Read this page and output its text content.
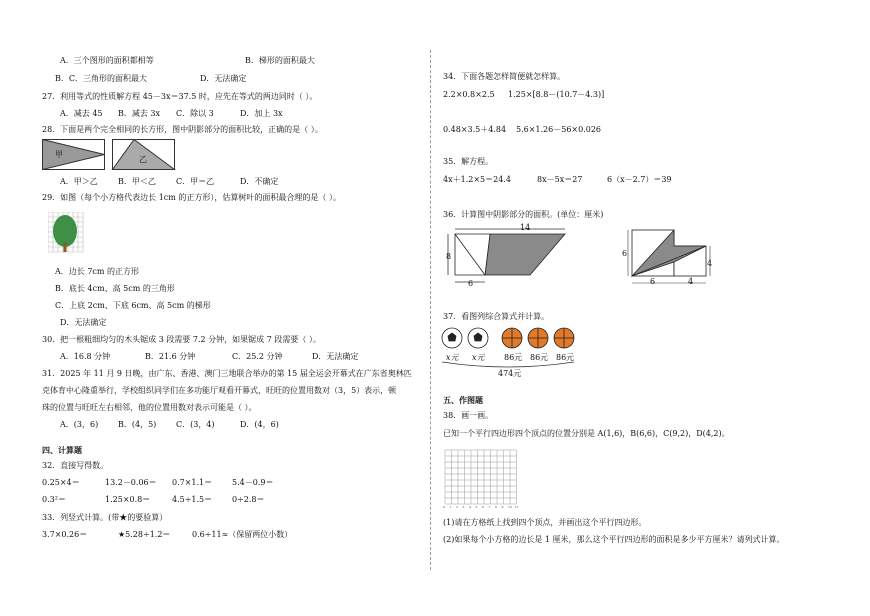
A．三个图形的面积都相等	B．梯形的面积最大
B．C．三角形的面积最大	D．无法确定
27．利用等式的性质解方程 45－3x＝37.5 时，应先在等式的两边同时（ ）。
A．减去 45 B．减去 3x C．除以 3	D．加上 3x
28．下面是两个完全相同的长方形，图中阴影部分的面积比较，正确的是（ ）。
甲
乙
A．甲＞乙	B．甲＜乙	C．甲＝乙	D．不确定
29．如图（每个小方格代表边长 1cm 的正方形），估算树叶的面积最合理的是（ ）。
A．边长 7cm 的正方形
B．底长 4cm、高 5cm 的三角形
C．上底 2cm、下底 6cm、高 5cm 的梯形
D．无法确定
30．把一根粗细均匀的木头锯成 3 段需要 7.2 分钟，如果锯成 7 段需要（ ）。
A．16.8 分钟	B．21.6 分钟	C．25.2 分钟	D．无法确定
31．2025 年 11 月 9 日晚，由广东、香港、澳门三地联合举办的第 15 届全运会开幕式在广东省奥林匹
克体育中心隆重举行，学校组织同学们在多功能厅观看开幕式，旺旺的位置用数对（3，5）表示，顿
珠的位置与旺旺左右相邻，他的位置用数对表示可能是（ ）。
A．(3，6) B．(4，5) C．(3，4)	D．(4，6)
四、计算题
32．直接写得数。
0.25×4＝	13.2－0.06＝ 0.7×1.1＝ 5.4－0.9＝
0.3²＝	1.25×0.8＝	4.5÷1.5＝ 0÷2.8＝
33．列竖式计算。(带★的要验算）
3.7×0.26＝	★5.28÷1.2＝	0.6÷11≈（保留两位小数）
34．下面各题怎样简便就怎样算。
2.2×0.8×2.5 1.25×[8.8－(10.7－4.3)]
0.48×3.5＋4.84 5.6×1.26－56×0.026
35．解方程。
4x＋1.2×5＝24.4	8x－5x＝27	6（x－2.7）＝39
36．计算图中阴影部分的面积。(单位：厘米)
14
8
6
6
4
6	4
37．看图列综合算式并计算。
x元 x元 86元 86元 86元
474元
五、作图题
38．画一画。
已知一个平行四边形四个顶点的位置分别是 A(1,6)，B(6,6)，C(9,2)，D(4,2)。
0 1 2 3 4 5 6 7 8 9 10 11
(1)请在方格纸上找到四个顶点，并画出这个平行四边形。
(2)如果每个小方格的边长是 1 厘米，那么这个平行四边形的面积是多少平方厘米？请列式计算。
